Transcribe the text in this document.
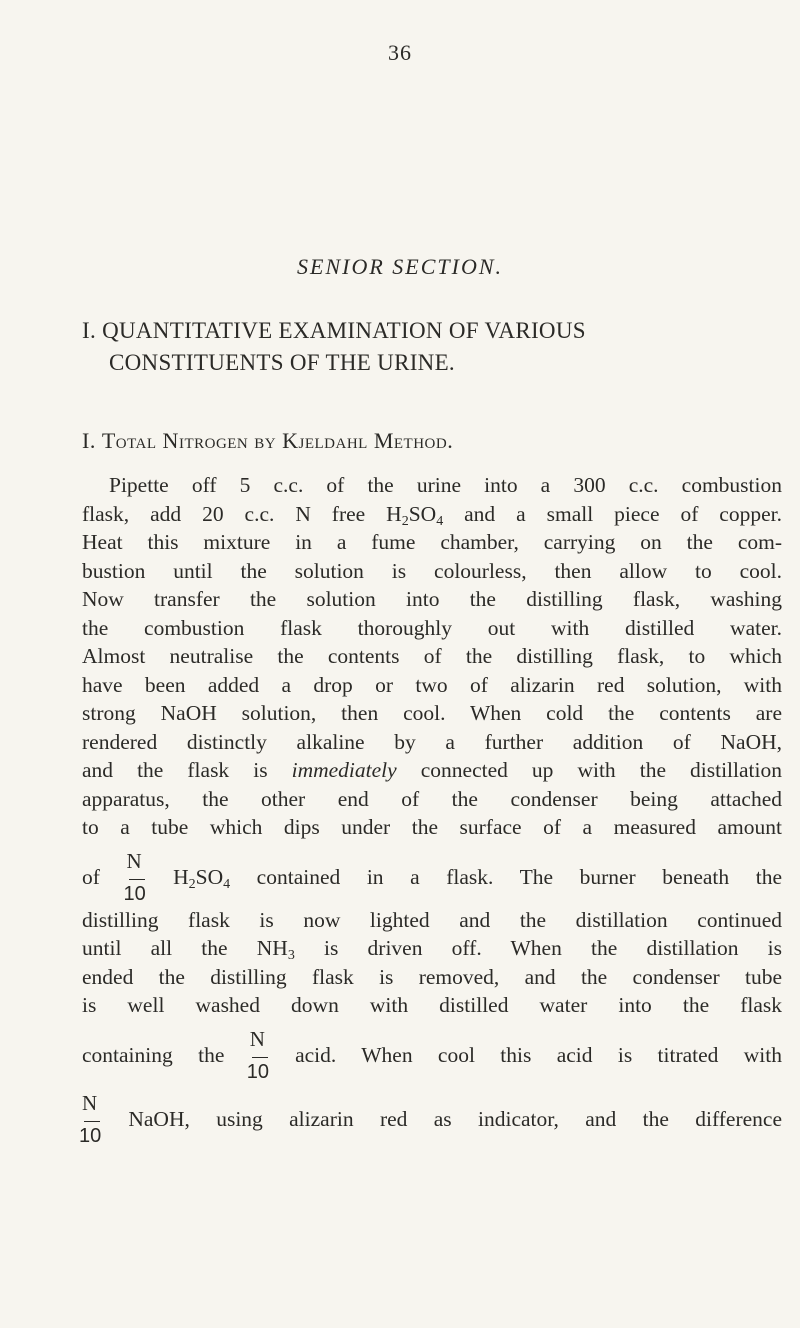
36
SENIOR SECTION.
I. QUANTITATIVE EXAMINATION OF VARIOUS
CONSTITUENTS OF THE URINE.
I. Total Nitrogen by Kjeldahl Method.
Pipette off 5 c.c. of the urine into a 300 c.c. combustion
flask, add 20 c.c. N free $H_2SO_4$ and a small piece of copper.
Heat this mixture in a fume chamber, carrying on the com-
bustion until the solution is colourless, then allow to cool.
Now transfer the solution into the distilling flask, washing
the combustion flask thoroughly out with distilled water.
Almost neutralise the contents of the distilling flask, to which
have been added a drop or two of alizarin red solution, with
strong NaOH solution, then cool. When cold the contents are
rendered distinctly alkaline by a further addition of NaOH,
and the flask is immediately connected up with the distillation
apparatus, the other end of the condenser being attached
to a tube which dips under the surface of a measured amount
of $\frac{N}{10} H_2SO_4$ contained in a flask. The burner beneath the
distilling flask is now lighted and the distillation continued
until all the $NH_3$ is driven off. When the distillation is
ended the distilling flask is removed, and the condenser tube
is well washed down with distilled water into the flask
containing the $\frac{N}{10}$ acid. When cool this acid is titrated with
$\frac{N}{10}$ NaOH, using alizarin red as indicator, and the difference
